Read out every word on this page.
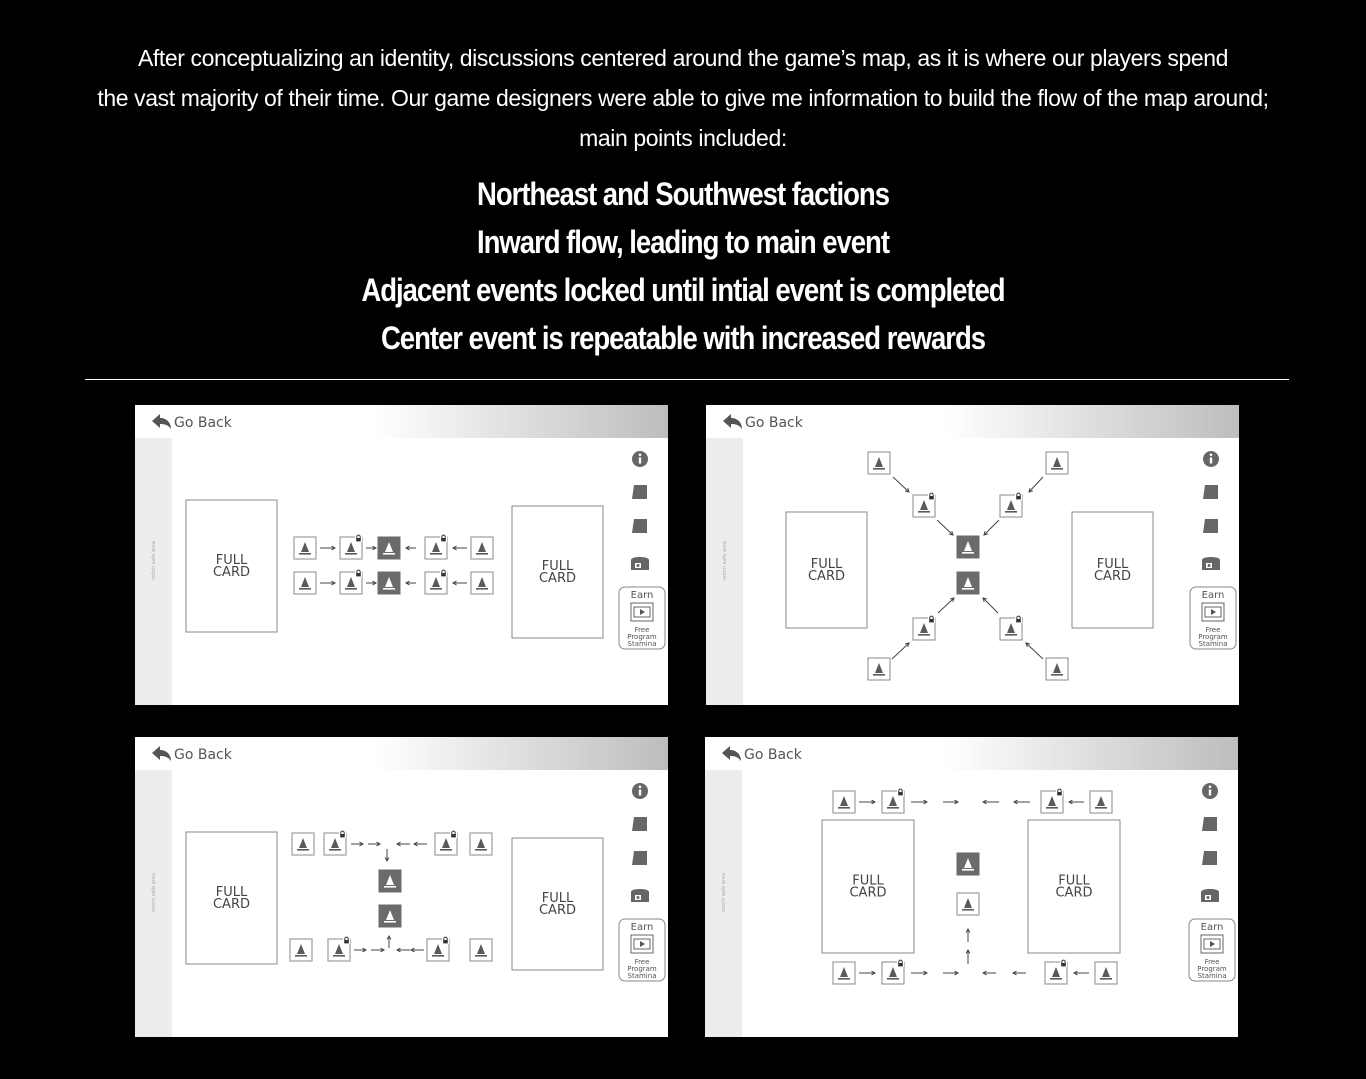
After conceptualizing an identity, discussions centered around the game’s map, as it is where our players spend
the vast majority of their time. Our game designers were able to give me information to build the flow of the map around;
main points included:
Northeast and Southwest factions
Inward flow, leading to main event
Adjacent events locked until intial event is completed
Center event is repeatable with increased rewards
notch safe area
Go Back
Earn
Free
Program
Stamina
FULL
CARD	FULL
CARD	notch safe area
Go Back
Earn
Free
Program
Stamina
FULL
CARD
FULL
CARD
notch safe area
Go Back
Earn
Free
Program
Stamina
FULL
CARD	FULL
CARD	notch safe area
Go Back
Earn
Free
Program
Stamina
FULL
CARD
FULL
CARD
